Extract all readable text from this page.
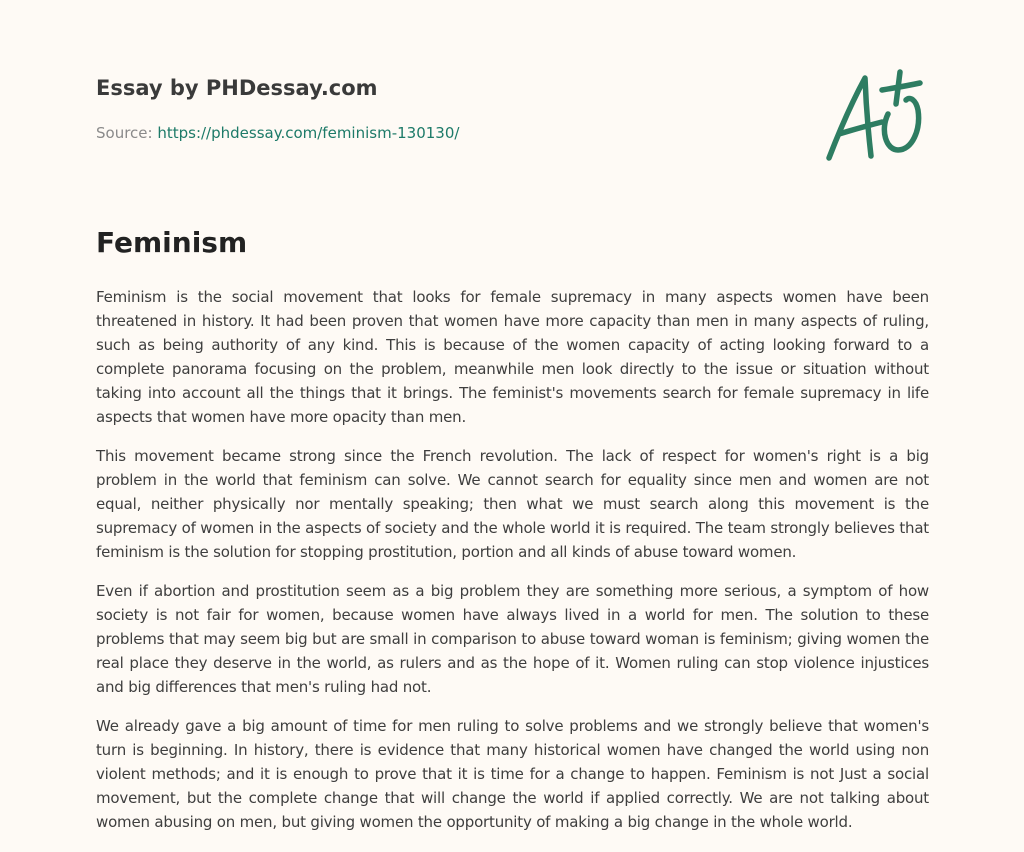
Essay by PHDessay.com
Source: https://phdessay.com/feminism-130130/
Feminism

Feminism is the social movement that looks for female supremacy in many aspects women have been threatened in history. It had been proven that women have more capacity than men in many aspects of ruling, such as being authority of any kind. This is because of the women capacity of acting looking forward to a complete panorama focusing on the problem, meanwhile men look directly to the issue or situation without taking into account all the things that it brings. The feminist's movements search for female supremacy in life aspects that women have more opacity than men.

This movement became strong since the French revolution. The lack of respect for women's right is a big problem in the world that feminism can solve. We cannot search for equality since men and women are not equal, neither physically nor mentally speaking; then what we must search along this movement is the supremacy of women in the aspects of society and the whole world it is required. The team strongly believes that feminism is the solution for stopping prostitution, portion and all kinds of abuse toward women.

Even if abortion and prostitution seem as a big problem they are something more serious, a symptom of how society is not fair for women, because women have always lived in a world for men. The solution to these problems that may seem big but are small in comparison to abuse toward woman is feminism; giving women the real place they deserve in the world, as rulers and as the hope of it. Women ruling can stop violence injustices and big differences that men's ruling had not.

We already gave a big amount of time for men ruling to solve problems and we strongly believe that women's turn is beginning. In history, there is evidence that many historical women have changed the world using non violent methods; and it is enough to prove that it is time for a change to happen. Feminism is not Just a social movement, but the complete change that will change the world if applied correctly. We are not talking about women abusing on men, but giving women the opportunity of making a big change in the whole world.
